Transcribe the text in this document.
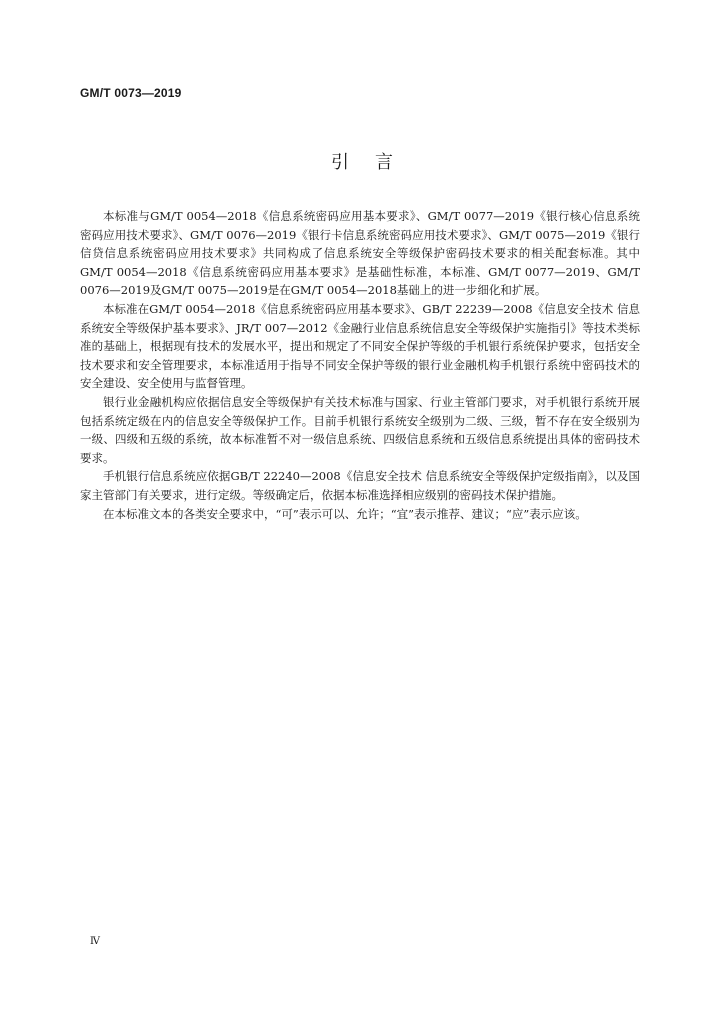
GM/T 0073—2019
引言

本标准与GM/T 0054—2018《信息系统密码应用基本要求》、GM/T 0077—2019《银行核心信息系统密码应用技术要求》、GM/T 0076—2019《银行卡信息系统密码应用技术要求》、GM/T 0075—2019《银行信贷信息系统密码应用技术要求》共同构成了信息系统安全等级保护密码技术要求的相关配套标准。其中GM/T 0054—2018《信息系统密码应用基本要求》是基础性标准，本标准、GM/T 0077—2019、GM/T 0076—2019及GM/T 0075—2019是在GM/T 0054—2018基础上的进一步细化和扩展。

本标准在GM/T 0054—2018《信息系统密码应用基本要求》、GB/T 22239—2008《信息安全技术 信息系统安全等级保护基本要求》、JR/T 007—2012《金融行业信息系统信息安全等级保护实施指引》等技术类标准的基础上，根据现有技术的发展水平，提出和规定了不同安全保护等级的手机银行系统保护要求，包括安全技术要求和安全管理要求，本标准适用于指导不同安全保护等级的银行业金融机构手机银行系统中密码技术的安全建设、安全使用与监督管理。

银行业金融机构应依据信息安全等级保护有关技术标准与国家、行业主管部门要求，对手机银行系统开展包括系统定级在内的信息安全等级保护工作。目前手机银行系统安全级别为二级、三级，暂不存在安全级别为一级、四级和五级的系统，故本标准暂不对一级信息系统、四级信息系统和五级信息系统提出具体的密码技术要求。

手机银行信息系统应依据GB/T 22240—2008《信息安全技术 信息系统安全等级保护定级指南》，以及国家主管部门有关要求，进行定级。等级确定后，依据本标准选择相应级别的密码技术保护措施。

在本标准文本的各类安全要求中，“可”表示可以、允许；“宜”表示推荐、建议；“应”表示应该。

Ⅳ
